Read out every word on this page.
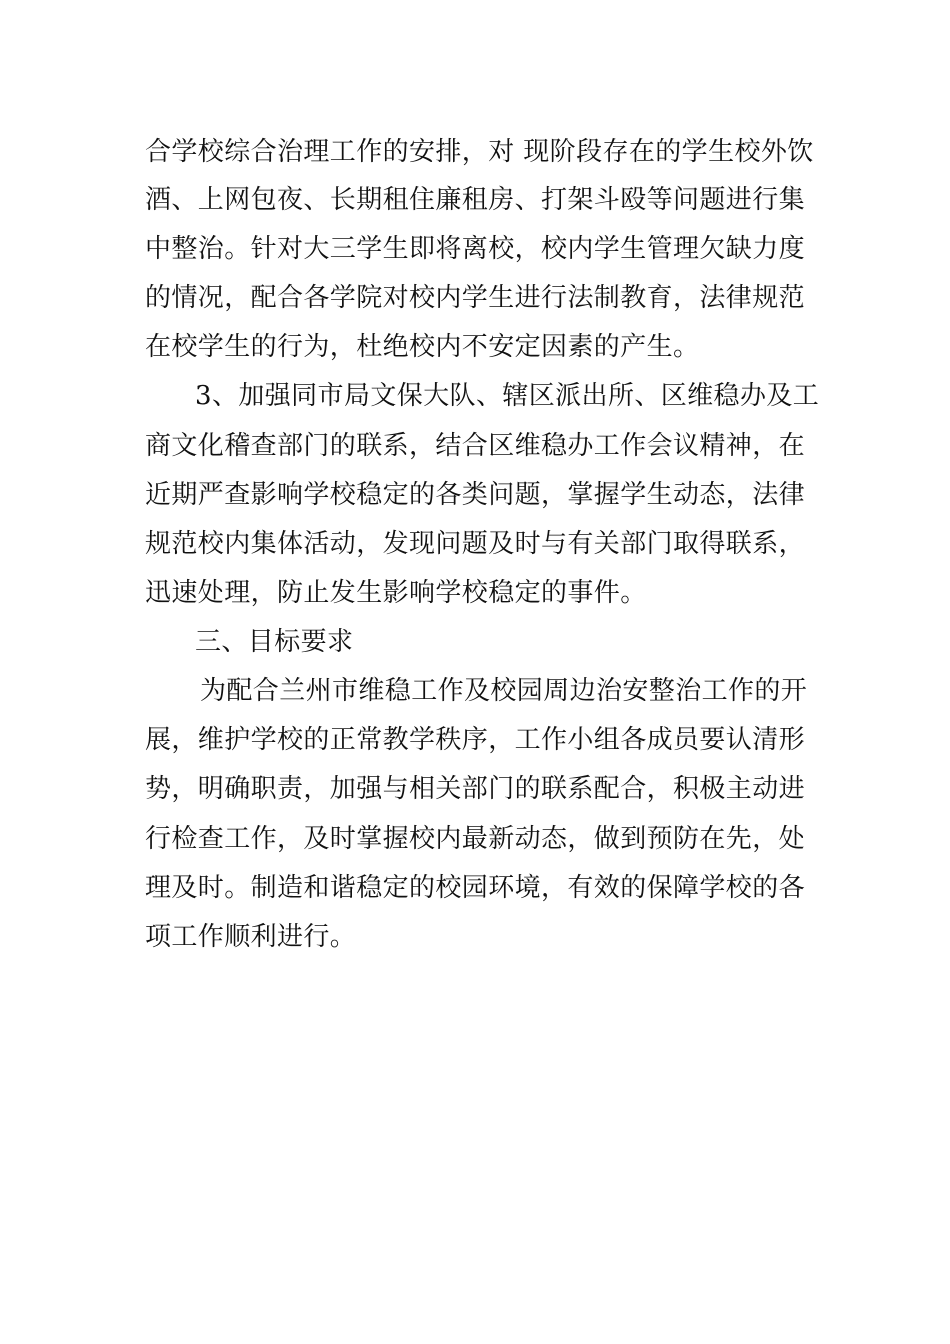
合学校综合治理工作的安排，对 现阶段存在的学生校外饮
酒、上网包夜、长期租住廉租房、打架斗殴等问题进行集
中整治。针对大三学生即将离校，校内学生管理欠缺力度
的情况，配合各学院对校内学生进行法制教育，法律规范
在校学生的行为，杜绝校内不安定因素的产生。
3、加强同市局文保大队、辖区派出所、区维稳办及工
商文化稽查部门的联系，结合区维稳办工作会议精神，在
近期严查影响学校稳定的各类问题，掌握学生动态，法律
规范校内集体活动，发现问题及时与有关部门取得联系，
迅速处理，防止发生影响学校稳定的事件。
三、目标要求
为配合兰州市维稳工作及校园周边治安整治工作的开
展，维护学校的正常教学秩序，工作小组各成员要认清形
势，明确职责，加强与相关部门的联系配合，积极主动进
行检查工作，及时掌握校内最新动态，做到预防在先，处
理及时。制造和谐稳定的校园环境，有效的保障学校的各
项工作顺利进行。
